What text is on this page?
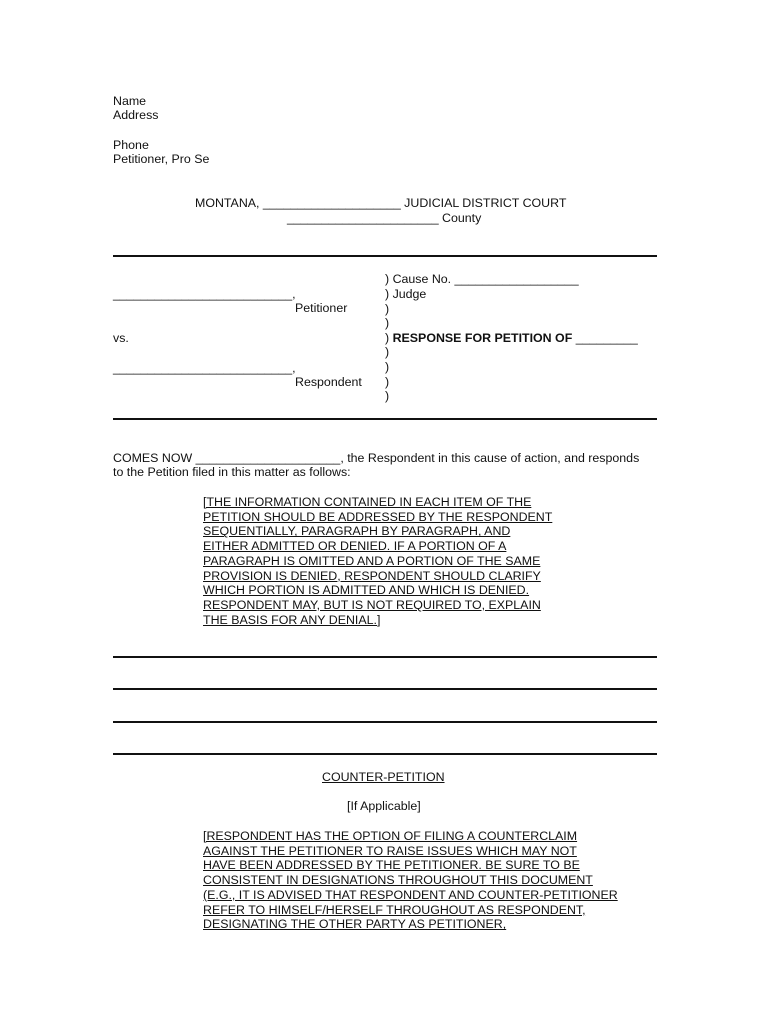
Name
Address
Phone
Petitioner, Pro Se
MONTANA, ____________________ JUDICIAL DISTRICT COURT
______________________ County
__________________________,
Petitioner
vs.
__________________________,
Respondent
) Cause No. __________________
) Judge
)
)
) RESPONSE FOR PETITION OF _________
)
)
)
)
COMES NOW _____________________, the Respondent in this cause of action, and responds
to the Petition filed in this matter as follows:
[THE INFORMATION CONTAINED IN EACH ITEM OF THE
PETITION SHOULD BE ADDRESSED BY THE RESPONDENT
SEQUENTIALLY, PARAGRAPH BY PARAGRAPH, AND
EITHER ADMITTED OR DENIED. IF A PORTION OF A
PARAGRAPH IS OMITTED AND A PORTION OF THE SAME
PROVISION IS DENIED, RESPONDENT SHOULD CLARIFY
WHICH PORTION IS ADMITTED AND WHICH IS DENIED.
RESPONDENT MAY, BUT IS NOT REQUIRED TO, EXPLAIN
THE BASIS FOR ANY DENIAL.]
COUNTER-PETITION
[If Applicable]
[RESPONDENT HAS THE OPTION OF FILING A COUNTERCLAIM
AGAINST THE PETITIONER TO RAISE ISSUES WHICH MAY NOT
HAVE BEEN ADDRESSED BY THE PETITIONER. BE SURE TO BE
CONSISTENT IN DESIGNATIONS THROUGHOUT THIS DOCUMENT
(E.G., IT IS ADVISED THAT RESPONDENT AND COUNTER-PETITIONER
REFER TO HIMSELF/HERSELF THROUGHOUT AS RESPONDENT,
DESIGNATING THE OTHER PARTY AS PETITIONER,
